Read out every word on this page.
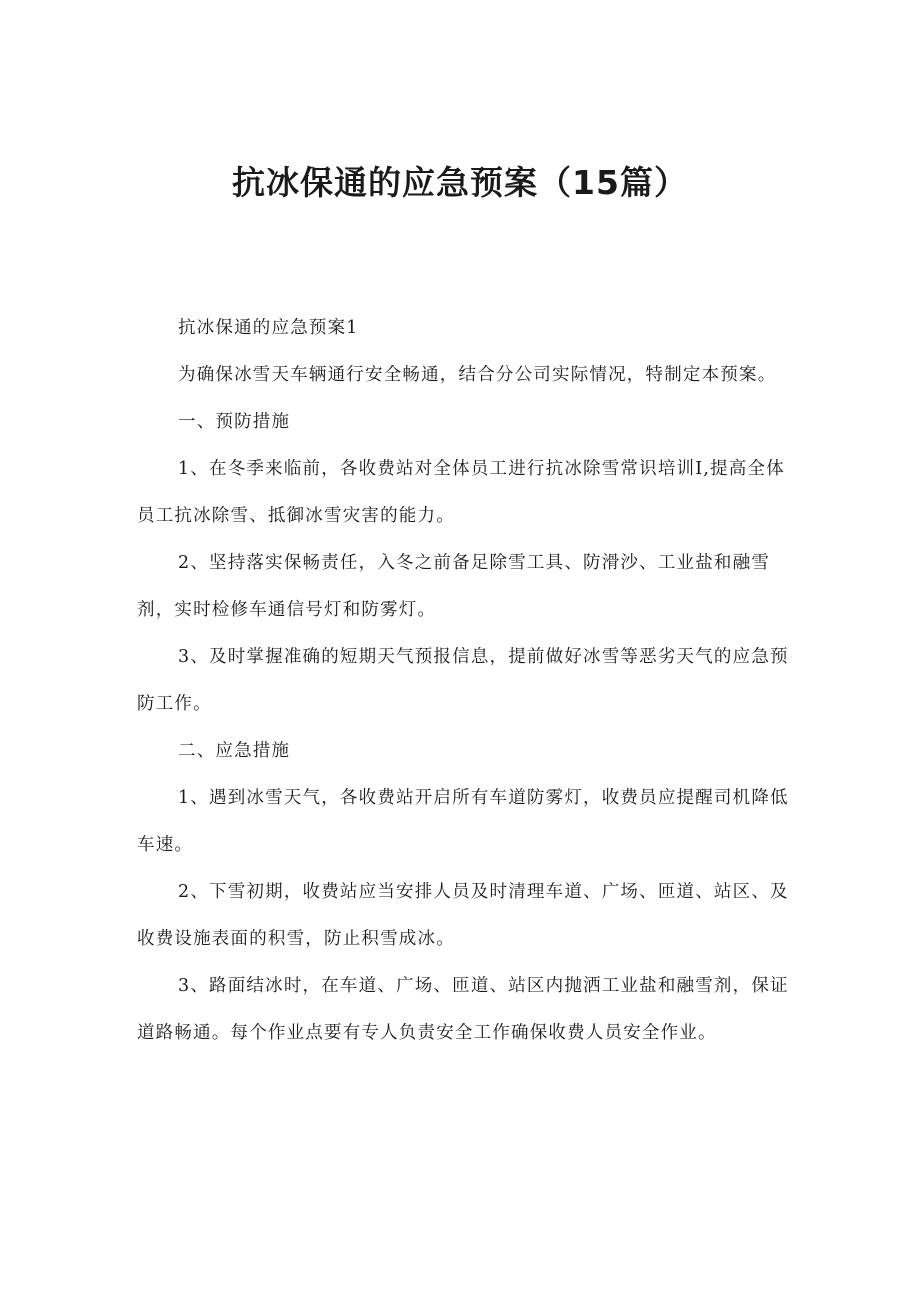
抗冰保通的应急预案（15篇）

抗冰保通的应急预案1

为确保冰雪天车辆通行安全畅通，结合分公司实际情况，特制定本预案。

一、预防措施

1、在冬季来临前，各收费站对全体员工进行抗冰除雪常识培训I,提高全体员工抗冰除雪、抵御冰雪灾害的能力。

2、坚持落实保畅责任，入冬之前备足除雪工具、防滑沙、工业盐和融雪剂，实时检修车通信号灯和防雾灯。

3、及时掌握准确的短期天气预报信息，提前做好冰雪等恶劣天气的应急预防工作。

二、应急措施

1、遇到冰雪天气，各收费站开启所有车道防雾灯，收费员应提醒司机降低车速。

2、下雪初期，收费站应当安排人员及时清理车道、广场、匝道、站区、及收费设施表面的积雪，防止积雪成冰。

3、路面结冰时，在车道、广场、匝道、站区内抛洒工业盐和融雪剂，保证道路畅通。每个作业点要有专人负责安全工作确保收费人员安全作业。
